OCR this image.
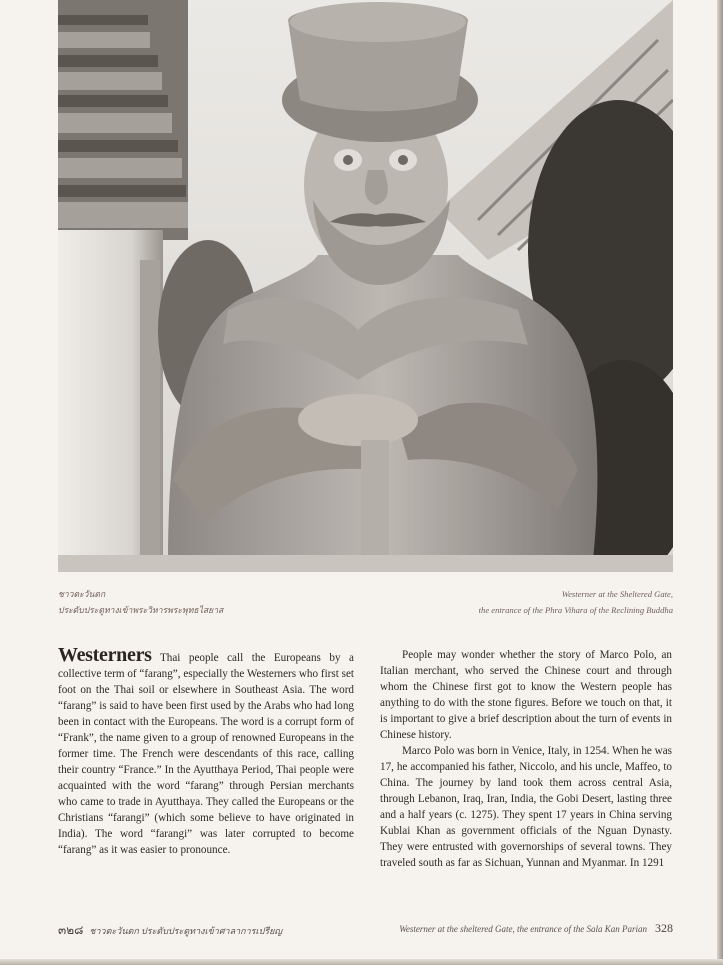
ชาวตะวันตก
ประดับประตูทางเข้าพระวิหารพระพุทธไสยาส
Westerner at the Sheltered Gate,
the entrance of the Phra Vihara of the Reclining Buddha

Westerners Thai people call the Europeans by a collective term of “farang”, especially the Westerners who first set foot on the Thai soil or elsewhere in Southeast Asia. The word “farang” is said to have been first used by the Arabs who had long been in contact with the Europeans. The word is a corrupt form of “Frank”, the name given to a group of renowned Europeans in the former time. The French were descendants of this race, calling their country “France.” In the Ayutthaya Period, Thai people were acquainted with the word “farang” through Persian merchants who came to trade in Ayutthaya. They called the Europeans or the Christians “farangi” (which some believe to have originated in India). The word “farangi” was later corrupted to become “farang” as it was easier to pronounce.

People may wonder whether the story of Marco Polo, an Italian merchant, who served the Chinese court and through whom the Chinese first got to know the Western people has anything to do with the stone figures. Before we touch on that, it is important to give a brief description about the turn of events in Chinese history.

Marco Polo was born in Venice, Italy, in 1254. When he was 17, he accompanied his father, Niccolo, and his uncle, Maffeo, to China. The journey by land took them across central Asia, through Lebanon, Iraq, Iran, India, the Gobi Desert, lasting three and a half years (c. 1275). They spent 17 years in China serving Kublai Khan as government officials of the Nguan Dynasty. They were entrusted with governorships of several towns. They traveled south as far as Sichuan, Yunnan and Myanmar. In 1291

๓๒๘ ชาวตะวันตก ประดับประตูทางเข้าศาลาการเปรียญ	Westerner at the sheltered Gate, the entrance of the Sala Kan Parian 328
